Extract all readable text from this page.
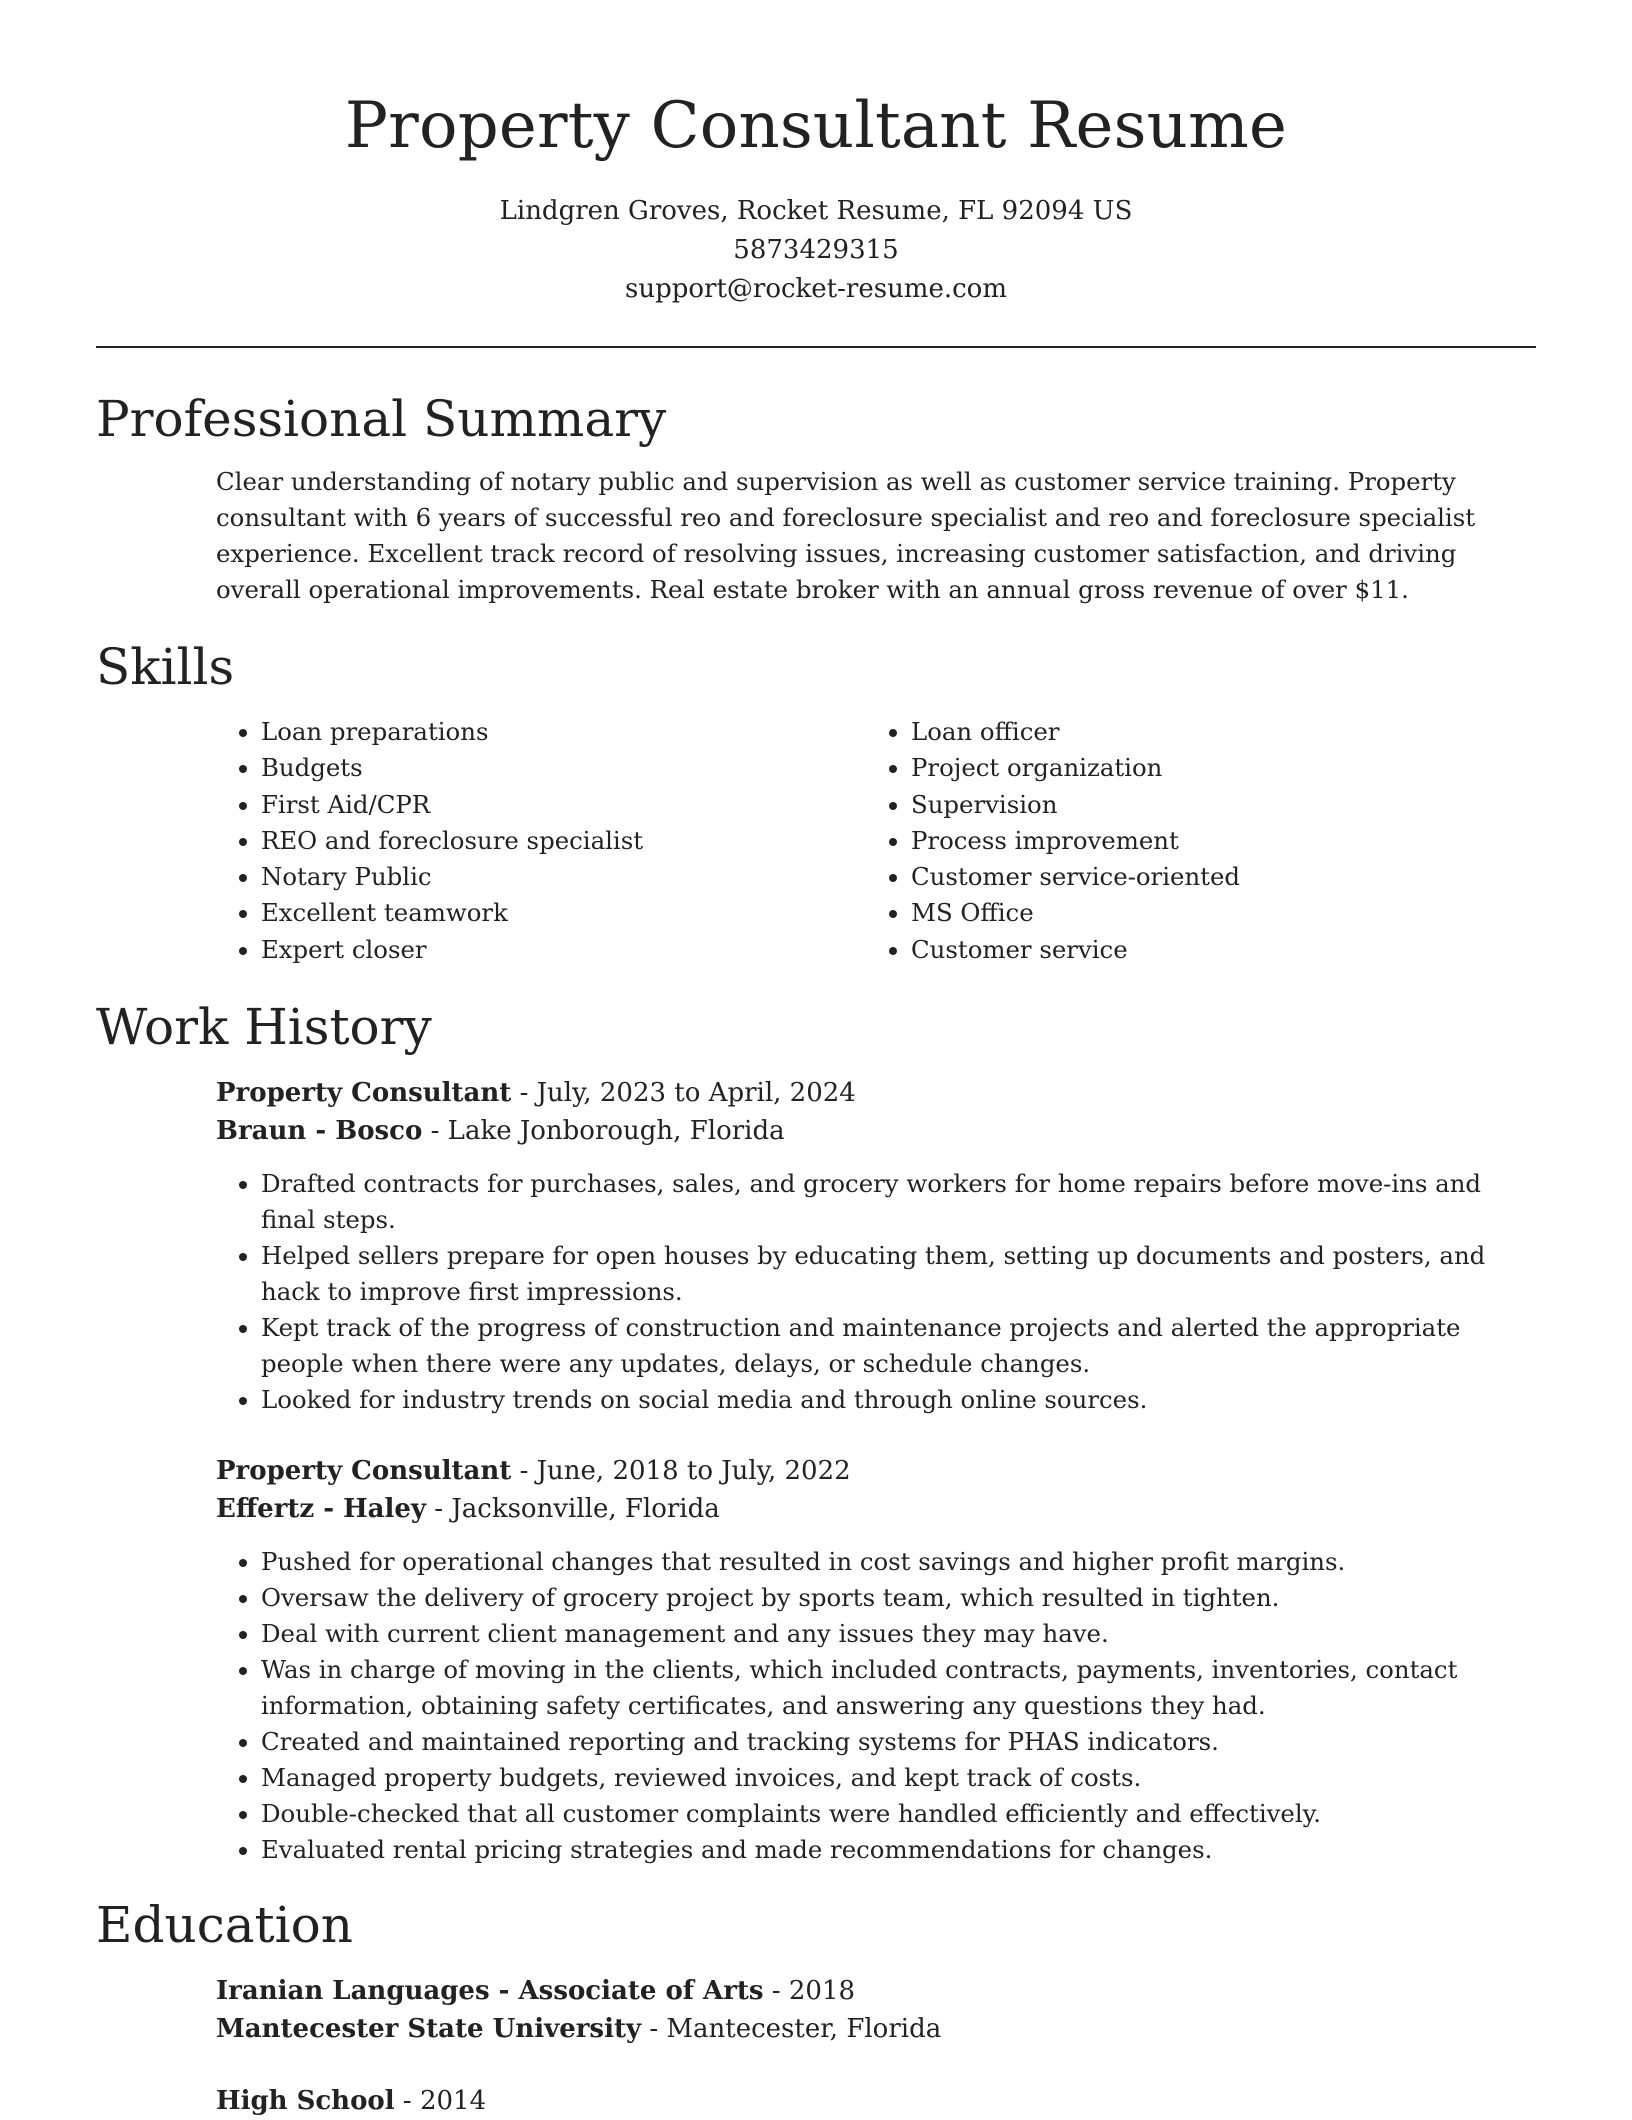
Property Consultant Resume
Lindgren Groves, Rocket Resume, FL 92094 US
5873429315
support@rocket-resume.com
Professional Summary

Clear understanding of notary public and supervision as well as customer service training. Property consultant with 6 years of successful reo and foreclosure specialist and reo and foreclosure specialist experience. Excellent track record of resolving issues, increasing customer satisfaction, and driving overall operational improvements. Real estate broker with an annual gross revenue of over $11.

Skills
• Loan preparations
• Budgets
• First Aid/CPR
• REO and foreclosure specialist
• Notary Public
• Excellent teamwork
• Expert closer
• Loan officer
• Project organization
• Supervision
• Process improvement
• Customer service-oriented
• MS Office
• Customer service
Work History
Property Consultant - July, 2023 to April, 2024
Braun - Bosco - Lake Jonborough, Florida
• Drafted contracts for purchases, sales, and grocery workers for home repairs before move-ins and final steps.
• Helped sellers prepare for open houses by educating them, setting up documents and posters, and hack to improve first impressions.
• Kept track of the progress of construction and maintenance projects and alerted the appropriate people when there were any updates, delays, or schedule changes.
• Looked for industry trends on social media and through online sources.
Property Consultant - June, 2018 to July, 2022
Effertz - Haley - Jacksonville, Florida
• Pushed for operational changes that resulted in cost savings and higher profit margins.
• Oversaw the delivery of grocery project by sports team, which resulted in tighten.
• Deal with current client management and any issues they may have.
• Was in charge of moving in the clients, which included contracts, payments, inventories, contact information, obtaining safety certificates, and answering any questions they had.
• Created and maintained reporting and tracking systems for PHAS indicators.
• Managed property budgets, reviewed invoices, and kept track of costs.
• Double-checked that all customer complaints were handled efficiently and effectively.
• Evaluated rental pricing strategies and made recommendations for changes.
Education
Iranian Languages - Associate of Arts - 2018
Mantecester State University - Mantecester, Florida
High School - 2014
